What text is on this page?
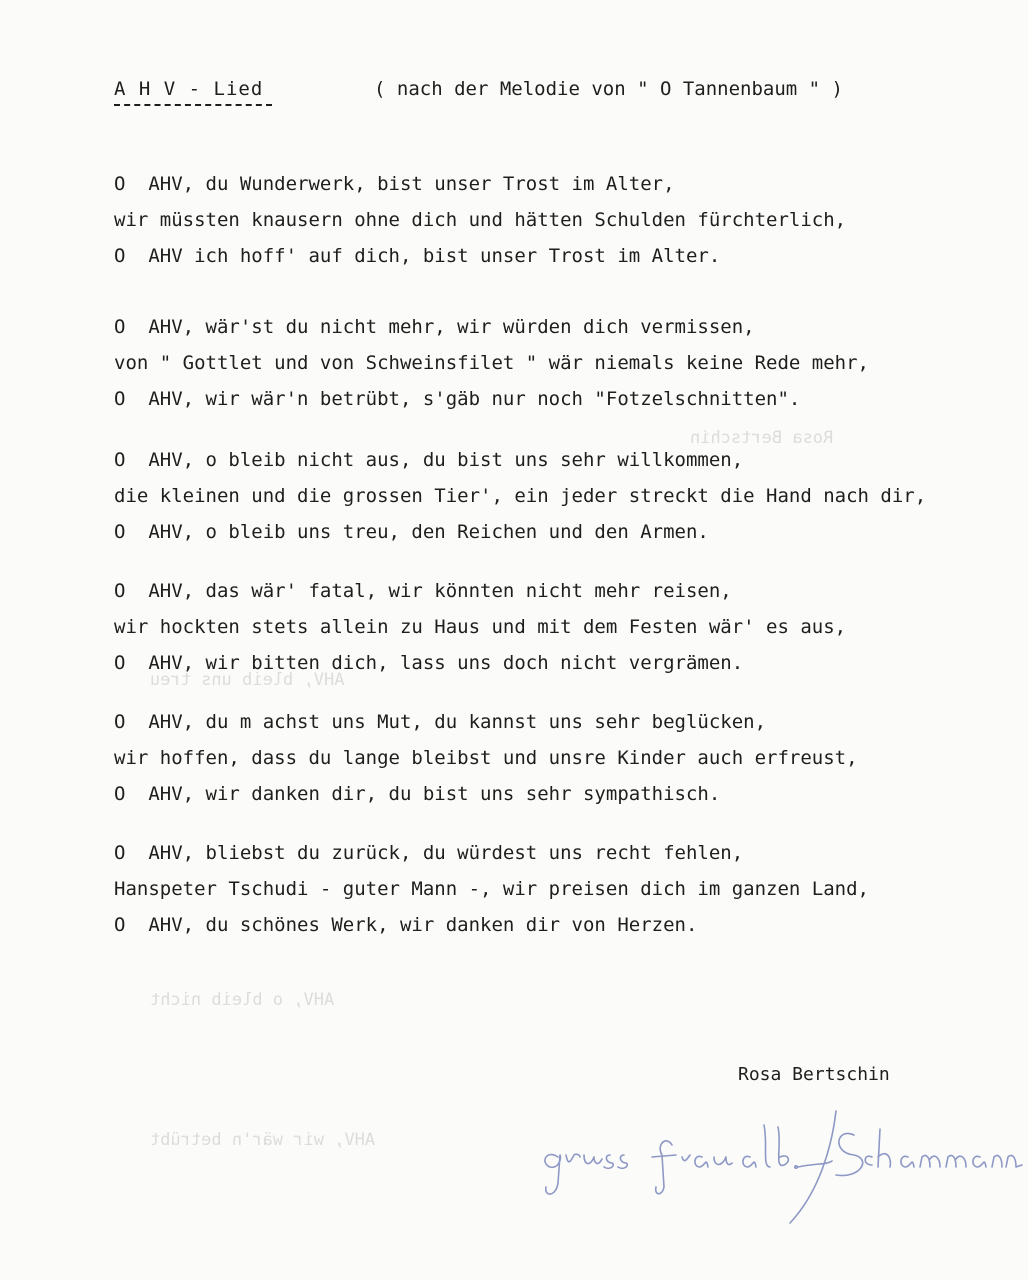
Rosa Bertschin
AHV, bleib uns treu
AHV, o bleib nicht
AHV, wir wär'n betrübt
A H V - Lied	( nach der Melodie von " O Tannenbaum " )
O  AHV, du Wunderwerk, bist unser Trost im Alter,
wir müssten knausern ohne dich und hätten Schulden fürchterlich,
O  AHV ich hoff' auf dich, bist unser Trost im Alter.
O  AHV, wär'st du nicht mehr, wir würden dich vermissen,
von " Gottlet und von Schweinsfilet " wär niemals keine Rede mehr,
O  AHV, wir wär'n betrübt, s'gäb nur noch "Fotzelschnitten".
O  AHV, o bleib nicht aus, du bist uns sehr willkommen,
die kleinen und die grossen Tier', ein jeder streckt die Hand nach dir,
O  AHV, o bleib uns treu, den Reichen und den Armen.
O  AHV, das wär' fatal, wir könnten nicht mehr reisen,
wir hockten stets allein zu Haus und mit dem Festen wär' es aus,
O  AHV, wir bitten dich, lass uns doch nicht vergrämen.
O  AHV, du m achst uns Mut, du kannst uns sehr beglücken,
wir hoffen, dass du lange bleibst und unsre Kinder auch erfreust,
O  AHV, wir danken dir, du bist uns sehr sympathisch.
O  AHV, bliebst du zurück, du würdest uns recht fehlen,
Hanspeter Tschudi - guter Mann -, wir preisen dich im ganzen Land,
O  AHV, du schönes Werk, wir danken dir von Herzen.
Rosa Bertschin
